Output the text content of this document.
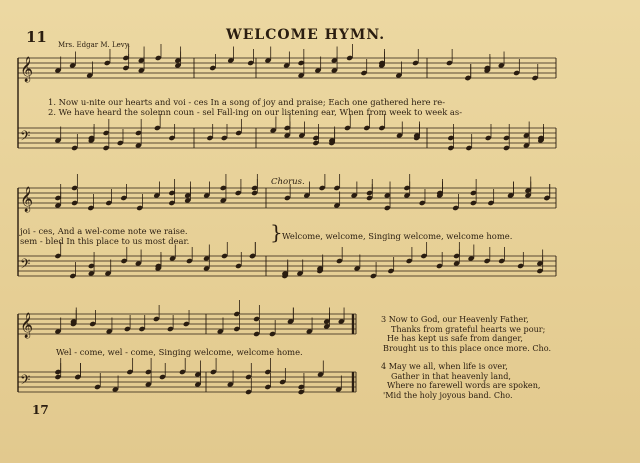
11	WELCOME HYMN.
Mrs. Edgar M. Levy.
𝄞
𝄢
𝄞
𝄢
𝄞
𝄢
1. Now u-nite our hearts and voi - ces In a song of joy and praise; Each one gathered here re-
2. We have heard the solemn coun - sel Fall-ing on our listening ear, When from week to week as-
Chorus.
joi - ces, And a wel-come note we raise.
sem - bled In this place to us most dear.	} Welcome, welcome, Singing welcome, welcome home.
Wel - come, wel - come, Singing welcome, welcome home.
3 Now to God, our Heavenly Father,
Thanks from grateful hearts we pour;
He has kept us safe from danger,
Brought us to this place once more. Cho.
4 May we all, when life is over,
Gather in that heavenly land,
Where no farewell words are spoken,
'Mid the holy joyous band. Cho.
17
